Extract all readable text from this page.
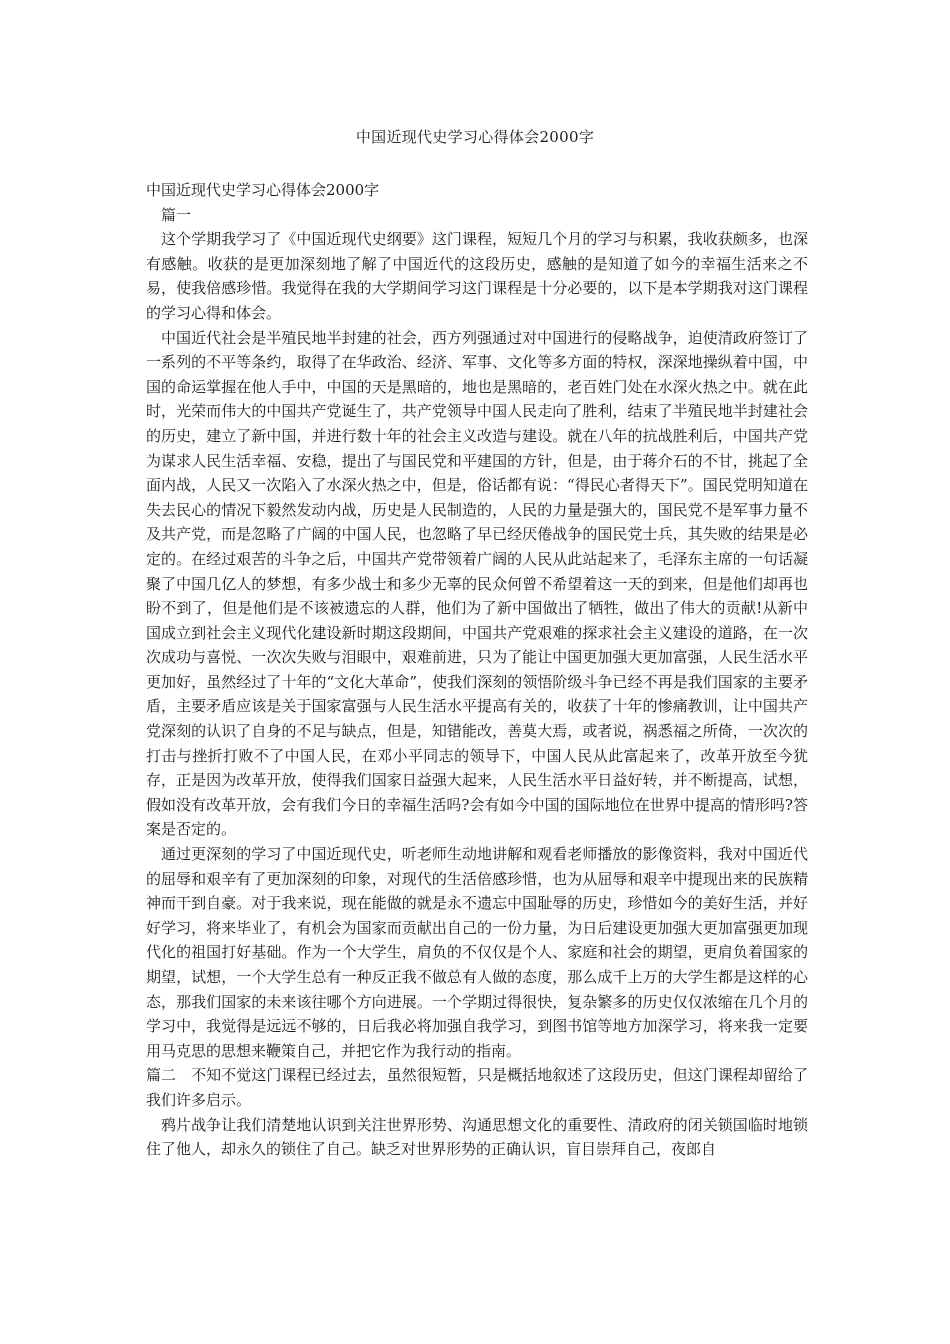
中国近现代史学习心得体会2000字

中国近现代史学习心得体会2000字

篇一

这个学期我学习了《中国近现代史纲要》这门课程，短短几个月的学习与积累，我收获颇多，也深有感触。收获的是更加深刻地了解了中国近代的这段历史，感触的是知道了如今的幸福生活来之不易，使我倍感珍惜。我觉得在我的大学期间学习这门课程是十分必要的，以下是本学期我对这门课程的学习心得和体会。

中国近代社会是半殖民地半封建的社会，西方列强通过对中国进行的侵略战争，迫使清政府签订了一系列的不平等条约，取得了在华政治、经济、军事、文化等多方面的特权，深深地操纵着中国，中国的命运掌握在他人手中，中国的天是黑暗的，地也是黑暗的，老百姓门处在水深火热之中。就在此时，光荣而伟大的中国共产党诞生了，共产党领导中国人民走向了胜利，结束了半殖民地半封建社会的历史，建立了新中国，并进行数十年的社会主义改造与建设。就在八年的抗战胜利后，中国共产党为谋求人民生活幸福、安稳，提出了与国民党和平建国的方针，但是，由于蒋介石的不甘，挑起了全面内战，人民又一次陷入了水深火热之中，但是，俗话都有说：“得民心者得天下”。国民党明知道在失去民心的情况下毅然发动内战，历史是人民制造的，人民的力量是强大的，国民党不是军事力量不及共产党，而是忽略了广阔的中国人民，也忽略了早已经厌倦战争的国民党士兵，其失败的结果是必定的。在经过艰苦的斗争之后，中国共产党带领着广阔的人民从此站起来了，毛泽东主席的一句话凝聚了中国几亿人的梦想，有多少战士和多少无辜的民众何曾不希望着这一天的到来，但是他们却再也盼不到了，但是他们是不该被遗忘的人群，他们为了新中国做出了牺牲，做出了伟大的贡献!从新中国成立到社会主义现代化建设新时期这段期间，中国共产党艰难的探求社会主义建设的道路，在一次次成功与喜悦、一次次失败与泪眼中，艰难前进，只为了能让中国更加强大更加富强，人民生活水平更加好，虽然经过了十年的“文化大革命”，使我们深刻的领悟阶级斗争已经不再是我们国家的主要矛盾，主要矛盾应该是关于国家富强与人民生活水平提高有关的，收获了十年的惨痛教训，让中国共产党深刻的认识了自身的不足与缺点，但是，知错能改，善莫大焉，或者说，祸悉福之所倚，一次次的打击与挫折打败不了中国人民，在邓小平同志的领导下，中国人民从此富起来了，改革开放至今犹存，正是因为改革开放，使得我们国家日益强大起来，人民生活水平日益好转，并不断提高，试想，假如没有改革开放，会有我们今日的幸福生活吗?会有如今中国的国际地位在世界中提高的情形吗?答案是否定的。

通过更深刻的学习了中国近现代史，听老师生动地讲解和观看老师播放的影像资料，我对中国近代的屈辱和艰辛有了更加深刻的印象，对现代的生活倍感珍惜，也为从屈辱和艰辛中提现出来的民族精神而干到自豪。对于我来说，现在能做的就是永不遗忘中国耻辱的历史，珍惜如今的美好生活，并好好学习，将来毕业了，有机会为国家而贡献出自己的一份力量，为日后建设更加强大更加富强更加现代化的祖国打好基础。作为一个大学生，肩负的不仅仅是个人、家庭和社会的期望，更肩负着国家的期望，试想，一个大学生总有一种反正我不做总有人做的态度，那么成千上万的大学生都是这样的心态，那我们国家的未来该往哪个方向进展。一个学期过得很快，复杂繁多的历史仅仅浓缩在几个月的学习中，我觉得是远远不够的，日后我必将加强自我学习，到图书馆等地方加深学习，将来我一定要用马克思的思想来鞭策自己，并把它作为我行动的指南。

篇二　 不知不觉这门课程已经过去，虽然很短暂，只是概括地叙述了这段历史，但这门课程却留给了我们许多启示。

鸦片战争让我们清楚地认识到关注世界形势、沟通思想文化的重要性、清政府的闭关锁国临时地锁住了他人，却永久的锁住了自己。缺乏对世界形势的正确认识，盲目崇拜自己，夜郎自
